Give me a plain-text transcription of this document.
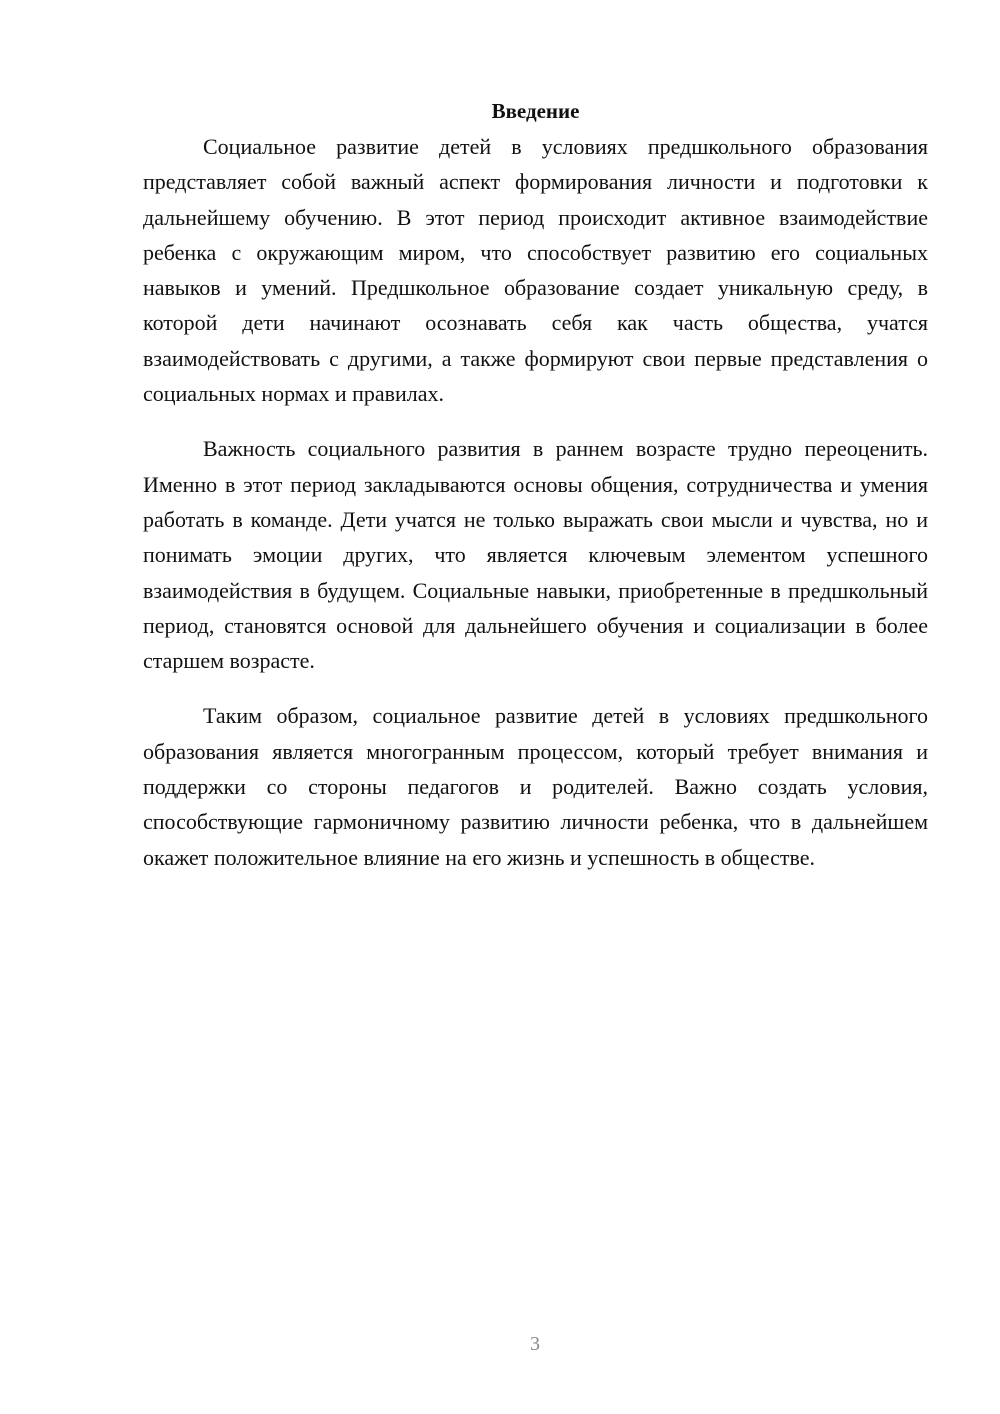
Введение

Социальное развитие детей в условиях предшкольного образования представляет собой важный аспект формирования личности и подготовки к дальнейшему обучению. В этот период происходит активное взаимодействие ребенка с окружающим миром, что способствует развитию его социальных навыков и умений. Предшкольное образование создает уникальную среду, в которой дети начинают осознавать себя как часть общества, учатся взаимодействовать с другими, а также формируют свои первые представления о социальных нормах и правилах.

Важность социального развития в раннем возрасте трудно переоценить. Именно в этот период закладываются основы общения, сотрудничества и умения работать в команде. Дети учатся не только выражать свои мысли и чувства, но и понимать эмоции других, что является ключевым элементом успешного взаимодействия в будущем. Социальные навыки, приобретенные в предшкольный период, становятся основой для дальнейшего обучения и социализации в более старшем возрасте.

Таким образом, социальное развитие детей в условиях предшкольного образования является многогранным процессом, который требует внимания и поддержки со стороны педагогов и родителей. Важно создать условия, способствующие гармоничному развитию личности ребенка, что в дальнейшем окажет положительное влияние на его жизнь и успешность в обществе.

3
